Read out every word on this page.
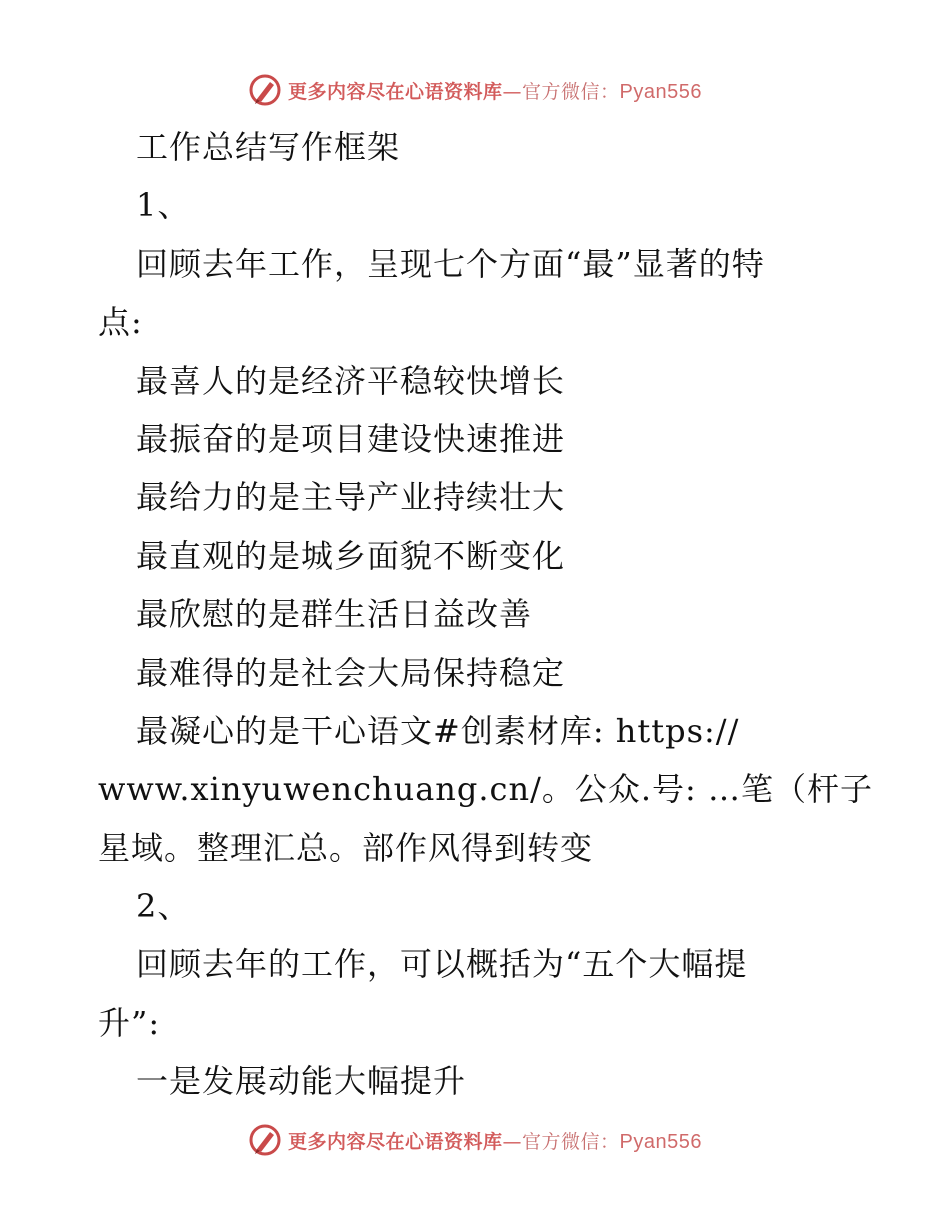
更多内容尽在心语资料库—官方微信：Pyan556
工作总结写作框架
1、
回顾去年工作，呈现七个方面“最”显著的特
点:
最喜人的是经济平稳较快增长
最振奋的是项目建设快速推进
最给力的是主导产业持续壮大
最直观的是城乡面貌不断变化
最欣慰的是群生活日益改善
最难得的是社会大局保持稳定
最凝心的是干心语文#创素材库: https://
www.xinyuwenchuang.cn/。公众.号: …笔（杆子
星域。整理汇总。部作风得到转变
2、
回顾去年的工作，可以概括为“五个大幅提
升”:
一是发展动能大幅提升
更多内容尽在心语资料库—官方微信：Pyan556
